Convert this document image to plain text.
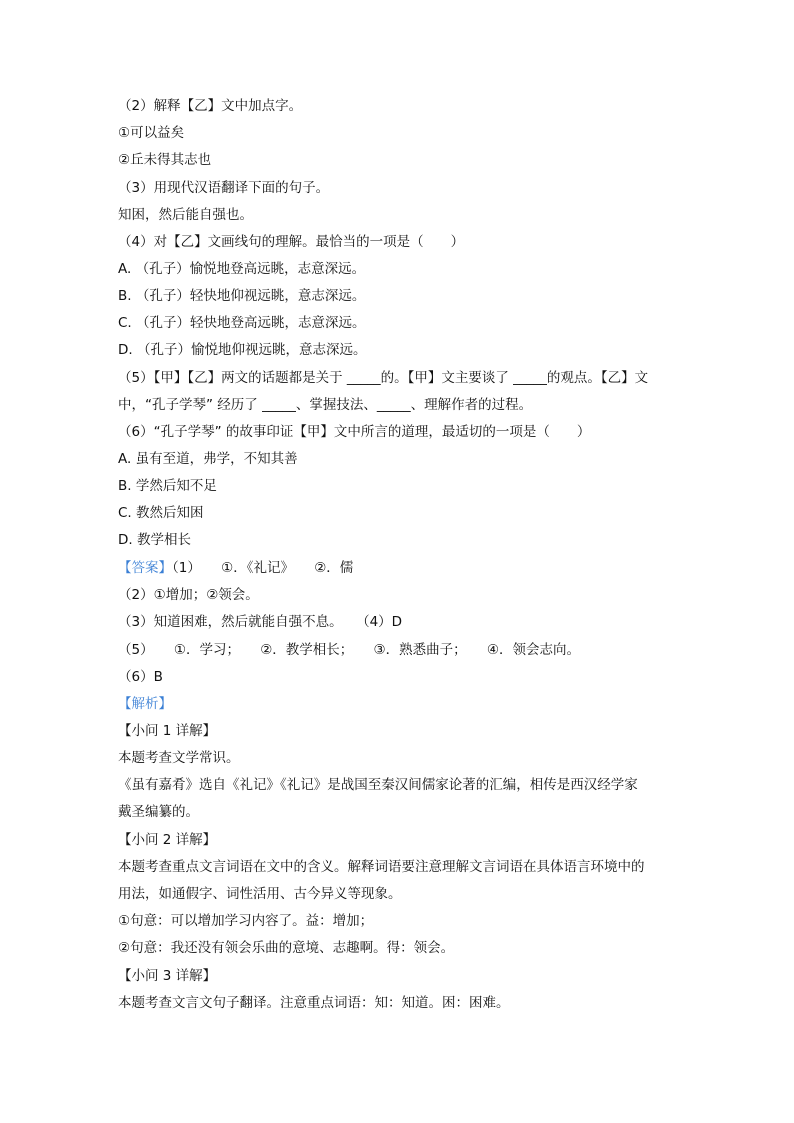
（2）解释【乙】文中加点字。
①可以益矣
②丘未得其志也
（3）用现代汉语翻译下面的句子。
知困，然后能自强也。
（4）对【乙】文画线句的理解。最恰当的一项是（　　）
A. （孔子）愉悦地登高远眺，志意深远。
B. （孔子）轻快地仰视远眺，意志深远。
C. （孔子）轻快地登高远眺，志意深远。
D. （孔子）愉悦地仰视远眺，意志深远。
（5）【甲】【乙】两文的话题都是关于 _____的。【甲】文主要谈了 _____的观点。【乙】文
中，“孔子学琴” 经历了 _____、掌握技法、_____、理解作者的过程。
（6）“孔子学琴” 的故事印证【甲】文中所言的道理，最适切的一项是（　　）
A. 虽有至道，弗学，不知其善
B. 学然后知不足
C. 教然后知困
D. 教学相长
【答案】（1）　　①．《礼记》　　②．儒
（2）①增加；②领会。
（3）知道困难，然后就能自强不息。　　（4）D
（5）　　①．学习；　　②．教学相长；　　③．熟悉曲子；　　④．领会志向。
（6）B
【解析】
【小问 1 详解】
本题考查文学常识。
《虽有嘉肴》选自《礼记》《礼记》是战国至秦汉间儒家论著的汇编，相传是西汉经学家
戴圣编纂的。
【小问 2 详解】
本题考查重点文言词语在文中的含义。解释词语要注意理解文言词语在具体语言环境中的
用法，如通假字、词性活用、古今异义等现象。
①句意：可以增加学习内容了。益：增加；
②句意：我还没有领会乐曲的意境、志趣啊。得：领会。
【小问 3 详解】
本题考查文言文句子翻译。注意重点词语：知：知道。困：困难。
